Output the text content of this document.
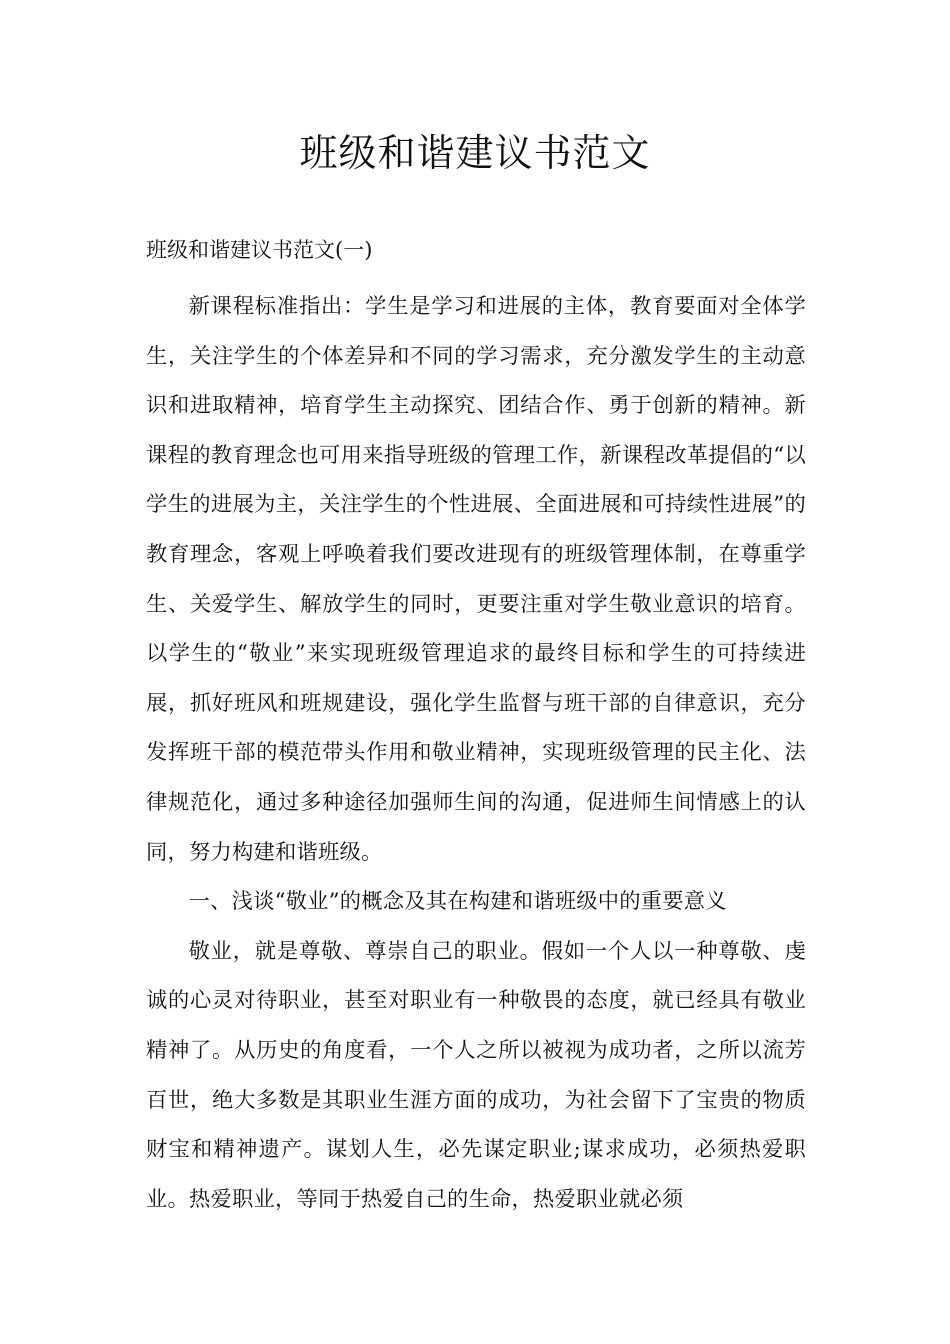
班级和谐建议书范文
班级和谐建议书范文(一)

新课程标准指出：学生是学习和进展的主体，教育要面对全体学生，关注学生的个体差异和不同的学习需求，充分激发学生的主动意识和进取精神，培育学生主动探究、团结合作、勇于创新的精神。新课程的教育理念也可用来指导班级的管理工作，新课程改革提倡的“以学生的进展为主，关注学生的个性进展、全面进展和可持续性进展”的教育理念，客观上呼唤着我们要改进现有的班级管理体制，在尊重学生、关爱学生、解放学生的同时，更要注重对学生敬业意识的培育。以学生的“敬业”来实现班级管理追求的最终目标和学生的可持续进展，抓好班风和班规建设，强化学生监督与班干部的自律意识，充分发挥班干部的模范带头作用和敬业精神，实现班级管理的民主化、法律规范化，通过多种途径加强师生间的沟通，促进师生间情感上的认同，努力构建和谐班级。

一、浅谈“敬业”的概念及其在构建和谐班级中的重要意义

敬业，就是尊敬、尊崇自己的职业。假如一个人以一种尊敬、虔诚的心灵对待职业，甚至对职业有一种敬畏的态度，就已经具有敬业精神了。从历史的角度看，一个人之所以被视为成功者，之所以流芳百世，绝大多数是其职业生涯方面的成功，为社会留下了宝贵的物质财宝和精神遗产。谋划人生，必先谋定职业;谋求成功，必须热爱职业。热爱职业，等同于热爱自己的生命，热爱职业就必须
